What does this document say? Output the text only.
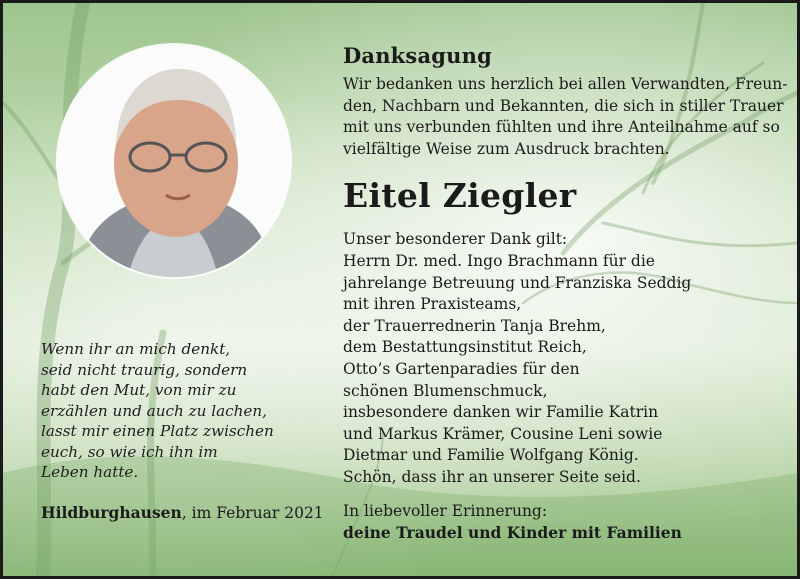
Wenn ihr an mich denkt,
seid nicht traurig, sondern
habt den Mut, von mir zu
erzählen und auch zu lachen,
lasst mir einen Platz zwischen
euch, so wie ich ihn im
Leben hatte.
Hildburghausen, im Februar 2021
Danksagung
Wir bedanken uns herzlich bei allen Verwandten, Freun-
den, Nachbarn und Bekannten, die sich in stiller Trauer
mit uns verbunden fühlten und ihre Anteilnahme auf so
vielfältige Weise zum Ausdruck brachten.
Eitel Ziegler
Unser besonderer Dank gilt:
Herrn Dr. med. Ingo Brachmann für die
jahrelange Betreuung und Franziska Seddig
mit ihren Praxisteams,
der Trauerrednerin Tanja Brehm,
dem Bestattungsinstitut Reich,
Otto’s Gartenparadies für den
schönen Blumenschmuck,
insbesondere danken wir Familie Katrin
und Markus Krämer, Cousine Leni sowie
Dietmar und Familie Wolfgang König.
Schön, dass ihr an unserer Seite seid.
In liebevoller Erinnerung:
deine Traudel und Kinder mit Familien
